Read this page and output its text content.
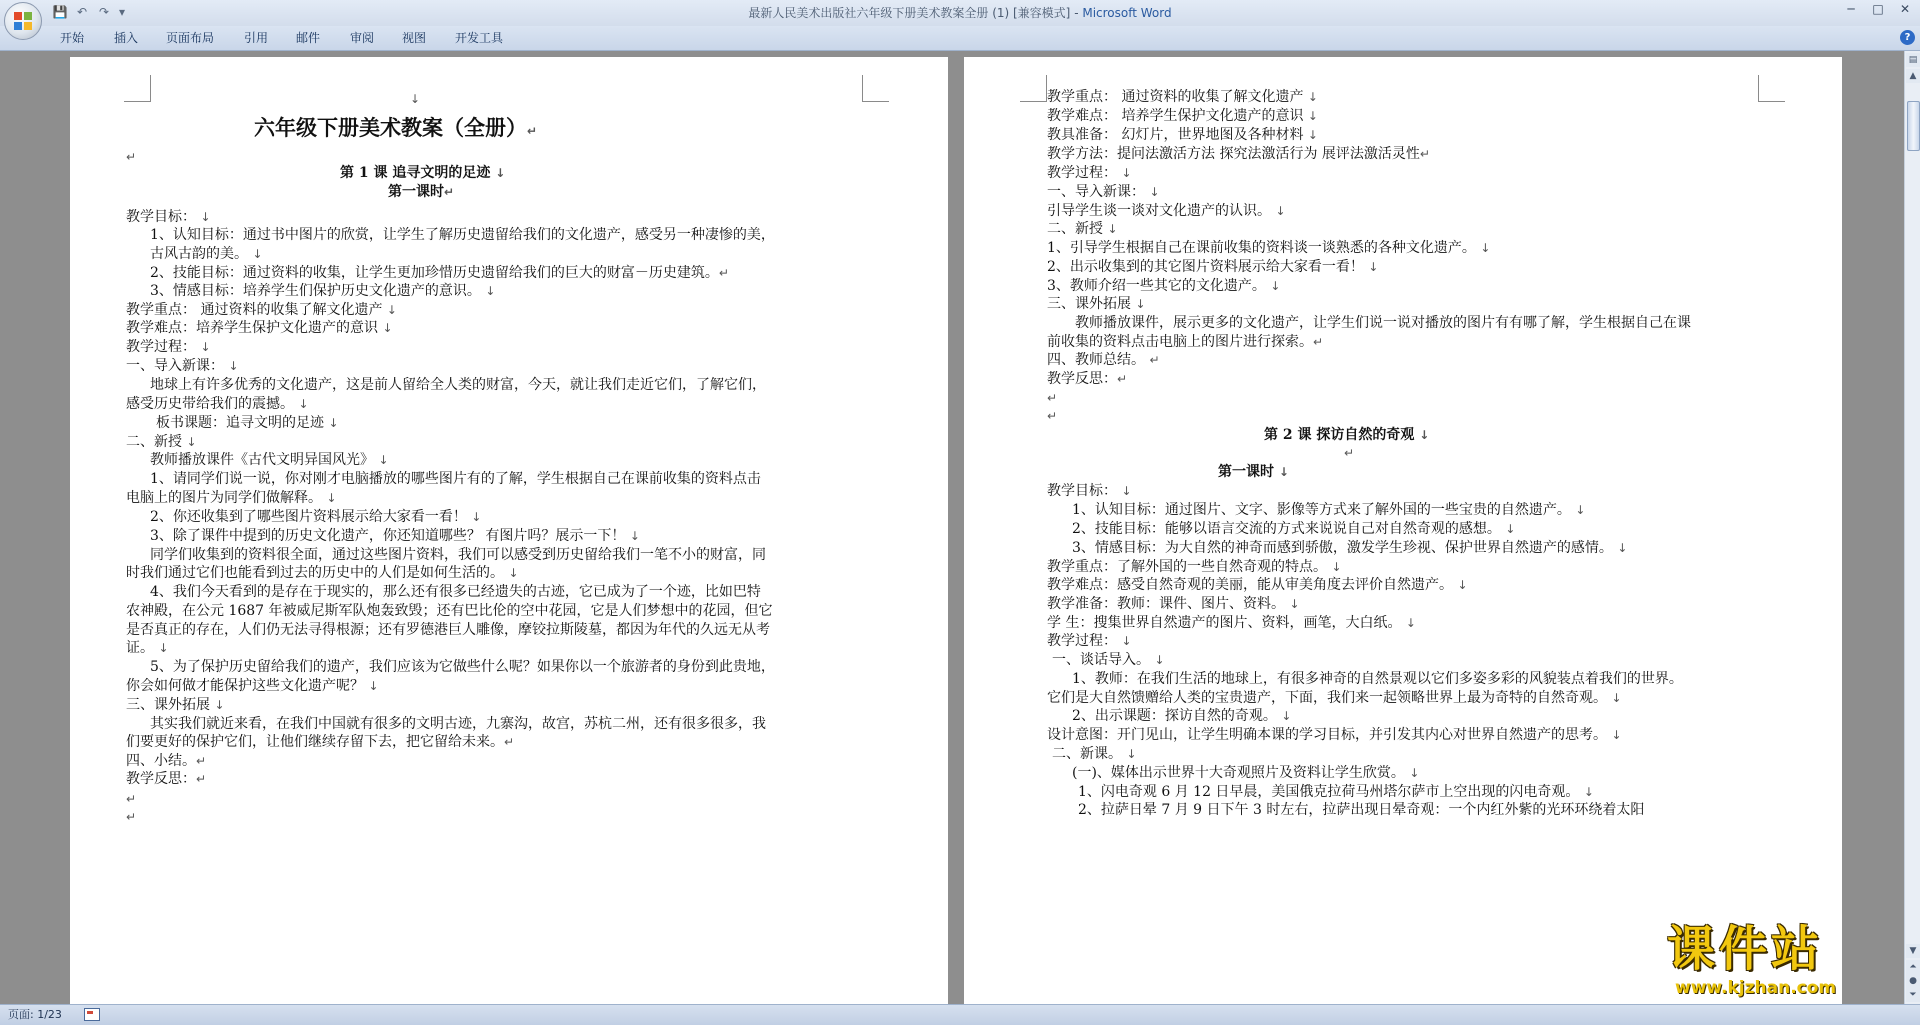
最新人民美术出版社六年级下册美术教案全册 (1) [兼容模式] - Microsoft Word
💾 ↶ ↷ ▾	─	□	✕
开始 插入 页面布局 引用 邮件 审阅 视图 开发工具	?
↓
六年级下册美术教案（全册）↵
↵
第 1 课 追寻文明的足迹 ↓
第一课时↵
教学目标： ↓
1、认知目标：通过书中图片的欣赏，让学生了解历史遗留给我们的文化遗产，感受另一种凄惨的美，
古风古韵的美。 ↓
2、技能目标：通过资料的收集，让学生更加珍惜历史遗留给我们的巨大的财富－历史建筑。↵
3、情感目标：培养学生们保护历史文化遗产的意识。 ↓
教学重点： 通过资料的收集了解文化遗产 ↓
教学难点：培养学生保护文化遗产的意识 ↓
教学过程： ↓
一、导入新课： ↓
地球上有许多优秀的文化遗产，这是前人留给全人类的财富，今天，就让我们走近它们，了解它们，
感受历史带给我们的震撼。 ↓
板书课题：追寻文明的足迹 ↓
二、新授 ↓
教师播放课件《古代文明异国风光》 ↓
1、请同学们说一说，你对刚才电脑播放的哪些图片有的了解，学生根据自己在课前收集的资料点击
电脑上的图片为同学们做解释。 ↓
2、你还收集到了哪些图片资料展示给大家看一看！ ↓
3、除了课件中提到的历史文化遗产，你还知道哪些？ 有图片吗？展示一下！ ↓
同学们收集到的资料很全面，通过这些图片资料，我们可以感受到历史留给我们一笔不小的财富，同
时我们通过它们也能看到过去的历史中的人们是如何生活的。 ↓
4、我们今天看到的是存在于现实的，那么还有很多已经遗失的古迹，它已成为了一个迹，比如巴特
农神殿，在公元 1687 年被威尼斯军队炮轰致毁；还有巴比伦的空中花园，它是人们梦想中的花园，但它
是否真正的存在，人们仍无法寻得根源；还有罗德港巨人雕像，摩铰拉斯陵墓，都因为年代的久远无从考
证。 ↓
5、为了保护历史留给我们的遗产，我们应该为它做些什么呢？如果你以一个旅游者的身份到此贵地，
你会如何做才能保护这些文化遗产呢？ ↓
三、课外拓展 ↓
其实我们就近来看，在我们中国就有很多的文明古迹，九寨沟，故宫，苏杭二州，还有很多很多，我
们要更好的保护它们，让他们继续存留下去，把它留给未来。↵
四、小结。↵
教学反思：↵
↵
↵
教学重点： 通过资料的收集了解文化遗产 ↓
教学难点： 培养学生保护文化遗产的意识 ↓
教具准备： 幻灯片，世界地图及各种材料 ↓
教学方法：提问法激活方法 探究法激活行为 展评法激活灵性↵
教学过程： ↓
一、导入新课： ↓
引导学生谈一谈对文化遗产的认识。 ↓
二、新授 ↓
1、引导学生根据自己在课前收集的资料谈一谈熟悉的各种文化遗产。 ↓
2、出示收集到的其它图片资料展示给大家看一看！ ↓
3、教师介绍一些其它的文化遗产。 ↓
三、课外拓展 ↓
教师播放课件，展示更多的文化遗产，让学生们说一说对播放的图片有有哪了解，学生根据自己在课
前收集的资料点击电脑上的图片进行探索。↵
四、教师总结。 ↵
教学反思：↵
↵
↵
第 2 课 探访自然的奇观 ↓
↵
第一课时 ↓
教学目标： ↓
1、认知目标：通过图片、文字、影像等方式来了解外国的一些宝贵的自然遗产。 ↓
2、技能目标：能够以语言交流的方式来说说自己对自然奇观的感想。 ↓
3、情感目标：为大自然的神奇而感到骄傲，激发学生珍视、保护世界自然遗产的感情。 ↓
教学重点：了解外国的一些自然奇观的特点。 ↓
教学难点：感受自然奇观的美丽，能从审美角度去评价自然遗产。 ↓
教学准备：教师：课件、图片、资料。 ↓
学 生：搜集世界自然遗产的图片、资料，画笔，大白纸。 ↓
教学过程： ↓
一、谈话导入。 ↓
1、教师：在我们生活的地球上，有很多神奇的自然景观以它们多姿多彩的风貌装点着我们的世界。
它们是大自然馈赠给人类的宝贵遗产，下面，我们来一起领略世界上最为奇特的自然奇观。 ↓
2、出示课题：探访自然的奇观。 ↓
设计意图：开门见山，让学生明确本课的学习目标，并引发其内心对世界自然遗产的思考。 ↓
二、新课。 ↓
(一)、媒体出示世界十大奇观照片及资料让学生欣赏。 ↓
1、闪电奇观 6 月 12 日早晨，美国俄克拉荷马州塔尔萨市上空出现的闪电奇观。 ↓
2、拉萨日晕 7 月 9 日下午 3 时左右，拉萨出现日晕奇观：一个内红外紫的光环环绕着太阳
▤
▲
▼
⏶
●
⏷
页面: 1/23
课件站
www.kjzhan.com
